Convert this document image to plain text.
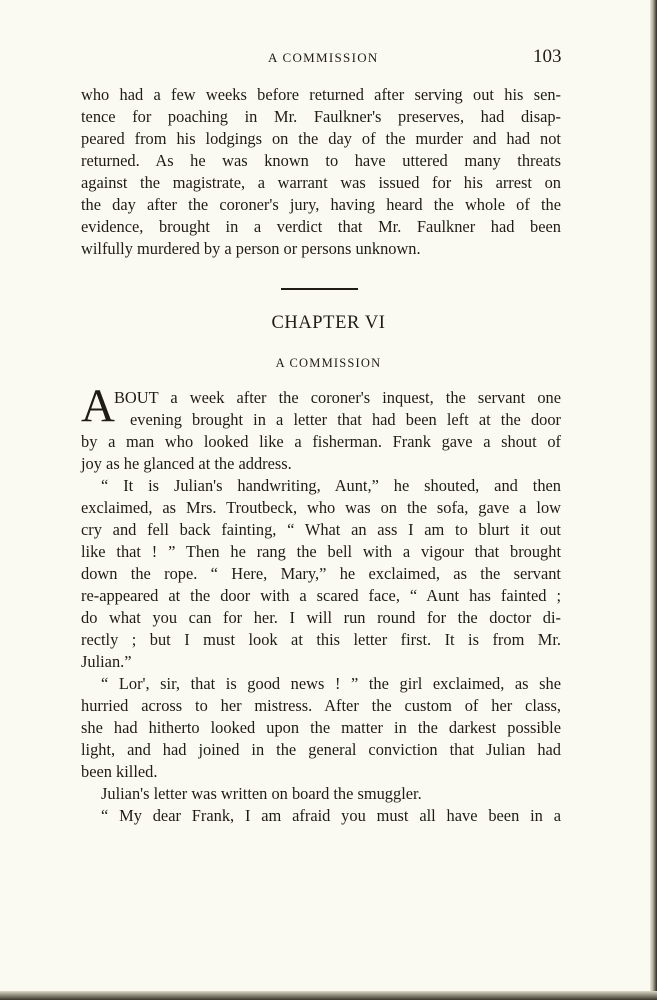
A COMMISSION	103
who had a few weeks before returned after serving out his sen-
tence for poaching in Mr. Faulkner's preserves, had disap-
peared from his lodgings on the day of the murder and had not
returned. As he was known to have uttered many threats
against the magistrate, a warrant was issued for his arrest on
the day after the coroner's jury, having heard the whole of the
evidence, brought in a verdict that Mr. Faulkner had been
wilfully murdered by a person or persons unknown.
CHAPTER VI
A COMMISSION
A BOUT a week after the coroner's inquest, the servant one
evening brought in a letter that had been left at the door
by a man who looked like a fisherman. Frank gave a shout of
joy as he glanced at the address.
“ It is Julian's handwriting, Aunt,” he shouted, and then
exclaimed, as Mrs. Troutbeck, who was on the sofa, gave a low
cry and fell back fainting, “ What an ass I am to blurt it out
like that ! ” Then he rang the bell with a vigour that brought
down the rope. “ Here, Mary,” he exclaimed, as the servant
re-appeared at the door with a scared face, “ Aunt has fainted ;
do what you can for her. I will run round for the doctor di-
rectly ; but I must look at this letter first. It is from Mr.
Julian.”
“ Lor', sir, that is good news ! ” the girl exclaimed, as she
hurried across to her mistress. After the custom of her class,
she had hitherto looked upon the matter in the darkest possible
light, and had joined in the general conviction that Julian had
been killed.
Julian's letter was written on board the smuggler.
“ My dear Frank, I am afraid you must all have been in a
